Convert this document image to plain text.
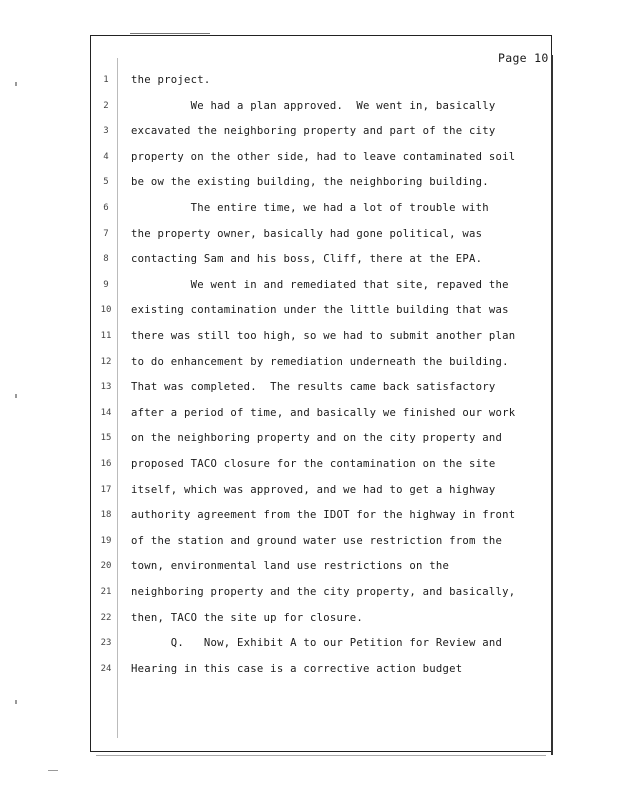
Page 10
1	the project.
2	We had a plan approved.  We went in, basically
3	excavated the neighboring property and part of the city
4	property on the other side, had to leave contaminated soil
5	be ow the existing building, the neighboring building.
6	The entire time, we had a lot of trouble with
7	the property owner, basically had gone political, was
8	contacting Sam and his boss, Cliff, there at the EPA.
9	We went in and remediated that site, repaved the
10 existing contamination under the little building that was
11 there was still too high, so we had to submit another plan
12 to do enhancement by remediation underneath the building.
13 That was completed.  The results came back satisfactory
14 after a period of time, and basically we finished our work
15 on the neighboring property and on the city property and
16 proposed TACO closure for the contamination on the site
17 itself, which was approved, and we had to get a highway
18 authority agreement from the IDOT for the highway in front
19 of the station and ground water use restriction from the
20 town, environmental land use restrictions on the
21 neighboring property and the city property, and basically,
22 then, TACO the site up for closure.
23 Q.   Now, Exhibit A to our Petition for Review and
24 Hearing in this case is a corrective action budget
